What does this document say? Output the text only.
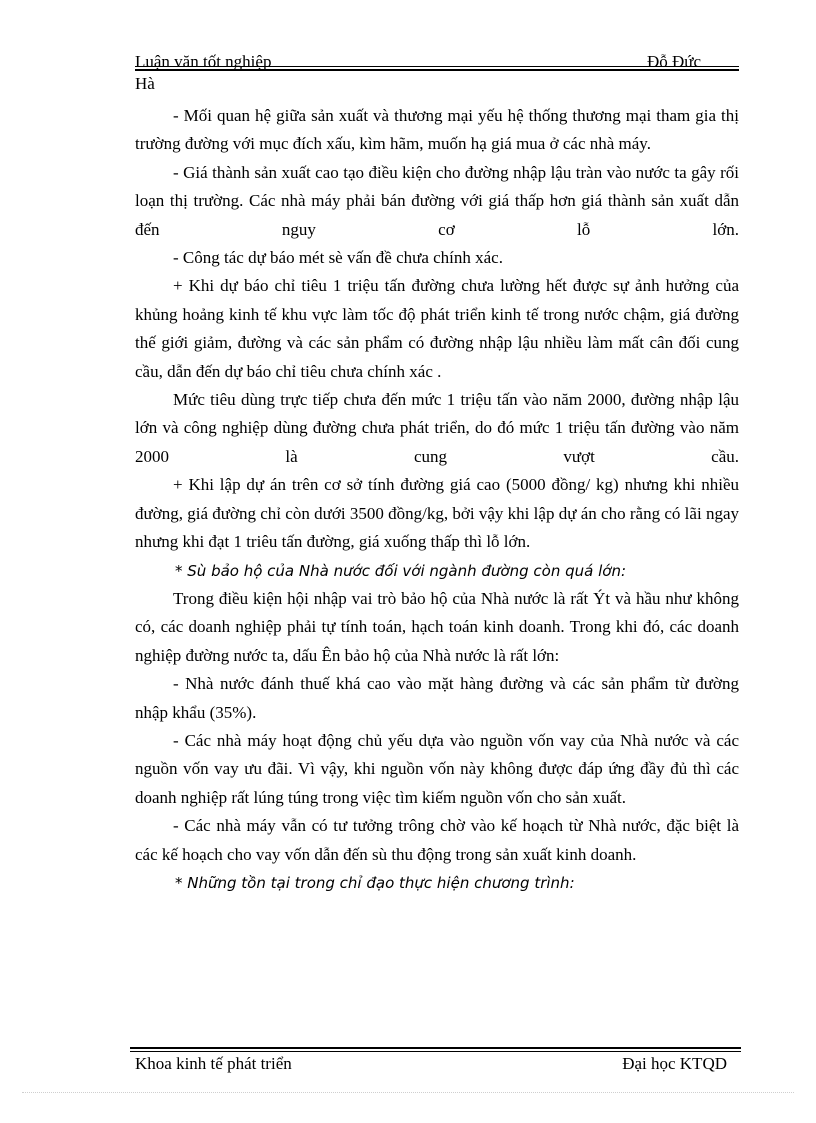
Luận văn tốt nghiệp	Đỗ Đức
Hà

- Mối quan hệ giữa sản xuất và thương mại yếu hệ thống thương mại tham gia thị trường đường với mục đích xấu, kìm hãm, muốn hạ giá mua ở các nhà máy.

- Giá thành sản xuất cao tạo điều kiện cho đường nhập lậu tràn vào nước ta gây rối loạn thị trường. Các nhà máy phải bán đường với giá thấp hơn giá thành sản xuất dẫn đến nguy cơ lỗ lớn.

- Công tác dự báo mét sè vấn đề chưa chính xác.

+ Khi dự báo chỉ tiêu 1 triệu tấn đường chưa lường hết được sự ảnh hưởng của khủng hoảng kinh tế khu vực làm tốc độ phát triển kinh tế trong nước chậm, giá đường thế giới giảm, đường và các sản phẩm có đường nhập lậu nhiều làm mất cân đối cung cầu, dẫn đến dự báo chỉ tiêu chưa chính xác .

Mức tiêu dùng trực tiếp chưa đến mức 1 triệu tấn vào năm 2000, đường nhập lậu lớn và công nghiệp dùng đường chưa phát triển, do đó mức 1 triệu tấn đường vào năm 2000 là cung vượt cầu.

+ Khi lập dự án trên cơ sở tính đường giá cao (5000 đồng/ kg) nhưng khi nhiều đường, giá đường chỉ còn dưới 3500 đồng/kg, bởi vậy khi lập dự án cho rằng có lãi ngay nhưng khi đạt 1 triêu tấn đường, giá xuống thấp thì lỗ lớn.

* Sù bảo hộ của Nhà nước đối với ngành đường còn quá lớn:

Trong điều kiện hội nhập vai trò bảo hộ của Nhà nước là rất Ýt và hầu như không có, các doanh nghiệp phải tự tính toán, hạch toán kinh doanh. Trong khi đó, các doanh nghiệp đường nước ta, dấu Ên bảo hộ của Nhà nước là rất lớn:

- Nhà nước đánh thuế khá cao vào mặt hàng đường và các sản phẩm từ đường nhập khẩu (35%).

- Các nhà máy hoạt động chủ yếu dựa vào nguồn vốn vay của Nhà nước và các nguồn vốn vay ưu đãi. Vì vậy, khi nguồn vốn này không được đáp ứng đầy đủ thì các doanh nghiệp rất lúng túng trong việc tìm kiếm nguồn vốn cho sản xuất.

- Các nhà máy vẫn có tư tưởng trông chờ vào kế hoạch từ Nhà nước, đặc biệt là các kế hoạch cho vay vốn dẫn đến sù thu động trong sản xuất kinh doanh.

* Những tồn tại trong chỉ đạo thực hiện chương trình:

Khoa kinh tế phát triển	Đại học KTQD
